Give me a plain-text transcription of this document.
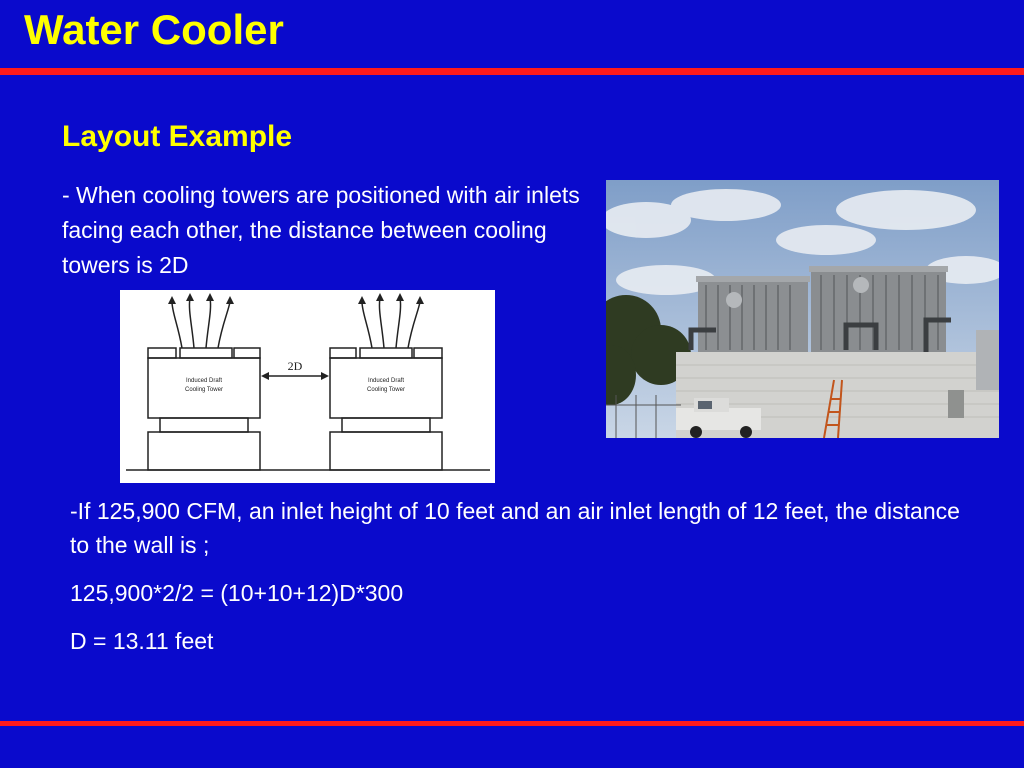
Water Cooler
Layout Example
- When cooling towers are positioned with air inlets facing each other, the distance between cooling towers is 2D
2D
Induced Draft
Cooling Tower
Induced Draft
Cooling Tower

-If 125,900 CFM, an inlet height of 10 feet and an air inlet length of 12 feet, the distance to the wall is ;

125,900*2/2 = (10+10+12)D*300

D = 13.11 feet
